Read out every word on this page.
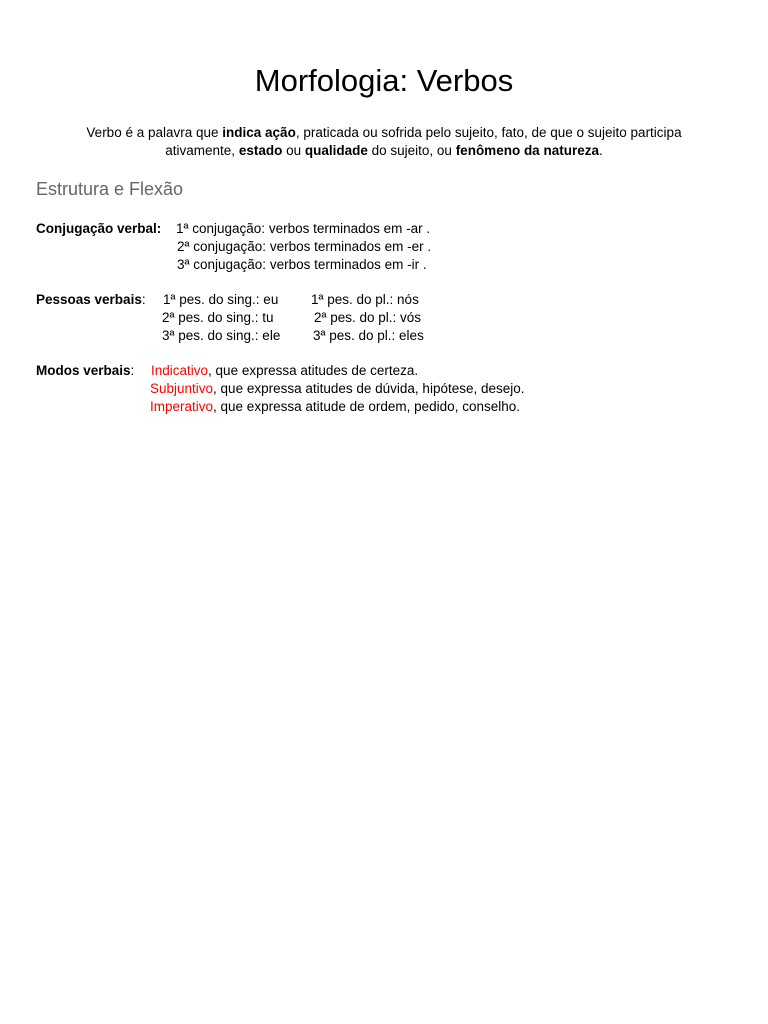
Morfologia: Verbos
Verbo é a palavra que indica ação, praticada ou sofrida pelo sujeito, fato, de que o sujeito participa ativamente, estado ou qualidade do sujeito, ou fenômeno da natureza.
Estrutura e Flexão
Conjugação verbal: 1ª conjugação: verbos terminados em -ar .
2ª conjugação: verbos terminados em -er .
3ª conjugação: verbos terminados em -ir .
Pessoas verbais: 1ª pes. do sing.: eu
2ª pes. do sing.: tu
3ª pes. do sing.: ele
1ª pes. do pl.: nós
2ª pes. do pl.: vós
3ª pes. do pl.: eles
Modos verbais: Indicativo, que expressa atitudes de certeza.
Subjuntivo, que expressa atitudes de dúvida, hipótese, desejo.
Imperativo, que expressa atitude de ordem, pedido, conselho.
